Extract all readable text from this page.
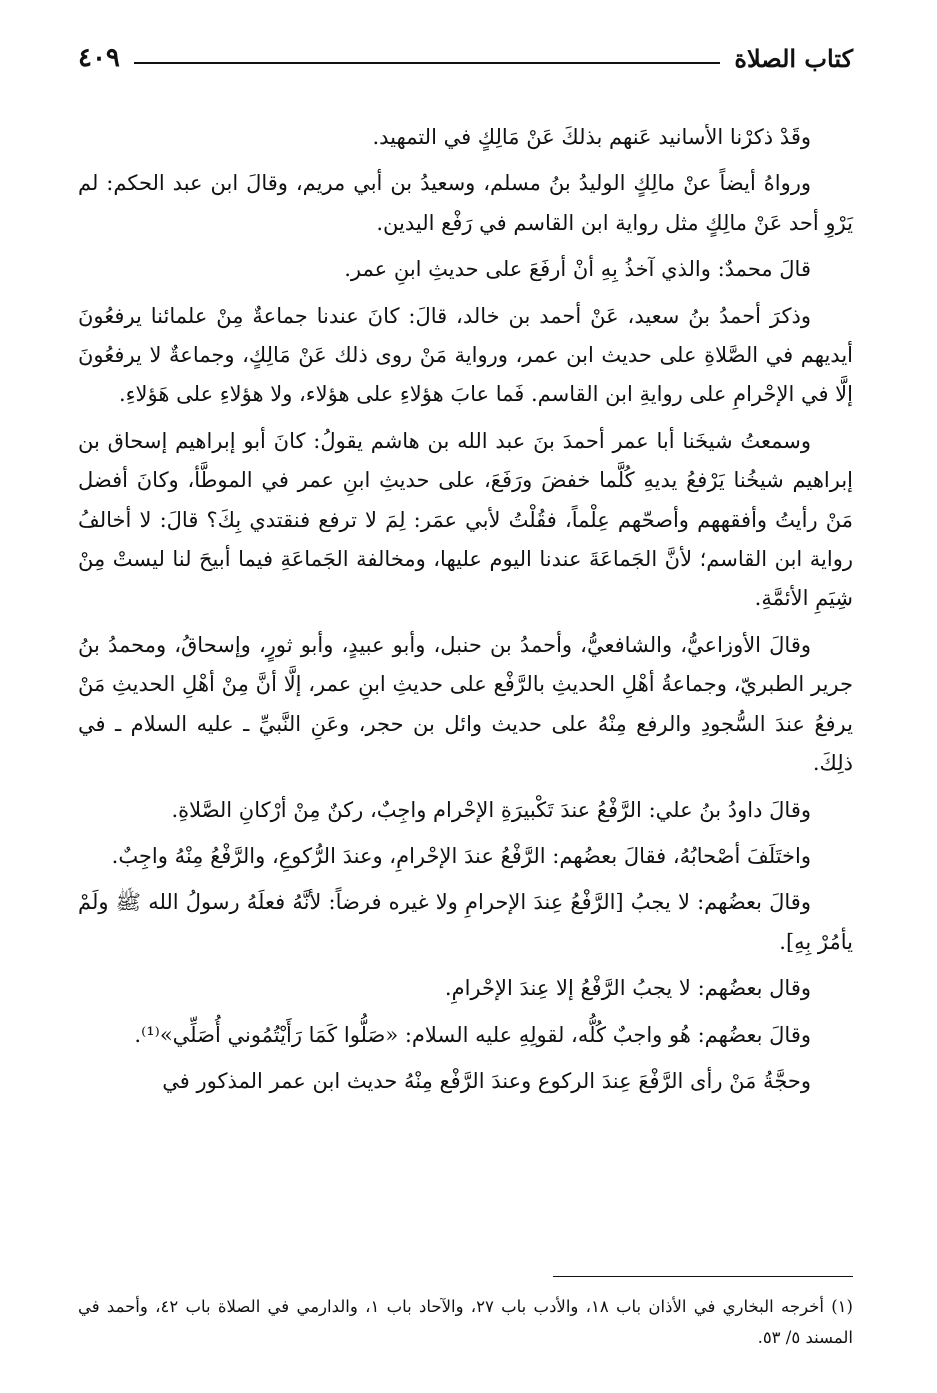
كتاب الصلاة
٤٠٩

وقَدْ ذكرْنا الأسانيد عَنهم بذلكَ عَنْ مَالِكٍ في التمهيد.

ورواهُ أيضاً عنْ مالِكٍ الوليدُ بنُ مسلم، وسعيدُ بن أبي مريم، وقالَ ابن عبد الحكم: لم يَرْوِ أحد عَنْ مالِكٍ مثل رواية ابن القاسم في رَفْع اليدين.

قالَ محمدٌ: والذي آخذُ بِهِ أنْ أرفَعَ على حديثِ ابنِ عمر.

وذكرَ أحمدُ بنُ سعيد، عَنْ أحمد بن خالد، قالَ: كانَ عندنا جماعةٌ مِنْ علمائنا يرفعُونَ أيديهم في الصَّلاةِ على حديث ابن عمر، ورواية مَنْ روى ذلك عَنْ مَالِكٍ، وجماعةٌ لا يرفعُونَ إلَّا في الإحْرامِ على روايةِ ابن القاسم. فَما عابَ هؤلاءِ على هؤلاء، ولا هؤلاءِ على هَؤلاءِ.

وسمعتُ شيخَنا أبا عمر أحمدَ بنَ عبد الله بن هاشم يقولُ: كانَ أبو إبراهيم إسحاق بن إبراهيم شيخُنا يَرْفعُ يديهِ كُلَّما خفضَ ورَفَعَ، على حديثِ ابنِ عمر في الموطَّأ، وكانَ أفضل مَنْ رأيتُ وأفقههم وأصحّهم عِلْماً، فقُلْتُ لأبي عمَر: لِمَ لا ترفع فنقتدي بِكَ؟ قالَ: لا أخالفُ رواية ابن القاسم؛ لأنَّ الجَماعَةَ عندنا اليوم عليها، ومخالفة الجَماعَةِ فيما أبيحَ لنا ليستْ مِنْ شِيَمِ الأئمَّةِ.

وقالَ الأوزاعيُّ، والشافعيُّ، وأحمدُ بن حنبل، وأبو عبيدٍ، وأبو ثورٍ، وإسحاقُ، ومحمدُ بنُ جرير الطبريّ، وجماعةُ أهْلِ الحديثِ بالرَّفْع على حديثِ ابنِ عمر، إلَّا أنَّ مِنْ أهْلِ الحديثِ مَنْ يرفعُ عندَ السُّجودِ والرفع مِنْهُ على حديث وائل بن حجر، وعَنِ النَّبيِّ ـ عليه السلام ـ في ذلِكَ.

وقالَ داودُ بنُ علي: الرَّفْعُ عندَ تَكْبيرَةِ الإحْرام واجِبٌ، ركنٌ مِنْ أرْكانِ الصَّلاةِ.

واختَلَفَ أصْحابُهُ، فقالَ بعضُهم: الرَّفْعُ عندَ الإحْرامِ، وعندَ الرُّكوعِ، والرَّفْعُ مِنْهُ واجِبٌ.

وقالَ بعضُهم: لا يجبُ [الرَّفْعُ عِندَ الإحرامِ ولا غيره فرضاً: لأنَّهُ فعلَهُ رسولُ الله ﷺ ولَمْ يأمُرْ بِهِ].

وقال بعضُهم: لا يجبُ الرَّفْعُ إلا عِندَ الإحْرامِ.

وقالَ بعضُهم: هُو واجبٌ كُلُّه، لقولِهِ عليه السلام: «صَلُّوا كَمَا رَأَيْتُمُوني أُصَلِّي»⁽¹⁾.

وحجَّةُ مَنْ رأى الرَّفْعَ عِندَ الركوع وعندَ الرَّفْع مِنْهُ حديث ابن عمر المذكور في

(١) أخرجه البخاري في الأذان باب ١٨، والأدب باب ٢٧، والآحاد باب ١، والدارمي في الصلاة باب ٤٢، وأحمد في المسند ٥/ ٥٣.
